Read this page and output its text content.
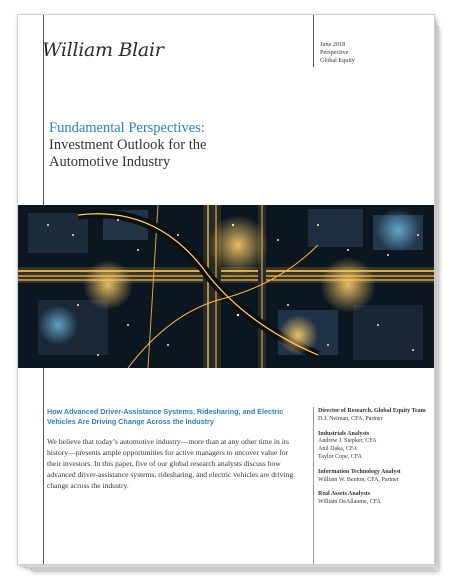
William Blair	June 2018
Perspective
Global Equity
Fundamental Perspectives:
Investment Outlook for the
Automotive Industry
How Advanced Driver-Assistance Systems, Ridesharing, and Electric Vehicles Are Driving Change Across the Industry
We believe that today’s automotive industry—more than at any other time in its history—presents ample opportunities for active managers to uncover value for their investors. In this paper, five of our global research analysts discuss how advanced driver-assistance systems, ridesharing, and electric vehicles are driving change across the industry.
Director of Research, Global Equity Team
D.J. Neiman, CFA, Partner
Industrials Analysts
Andrew J. Siepker, CFA
Anil Daka, CFA
Taylor Cope, CFA
Information Technology Analyst
William W. Benton, CFA, Partner
Real Assets Analysts
William DeAllaume, CFA
